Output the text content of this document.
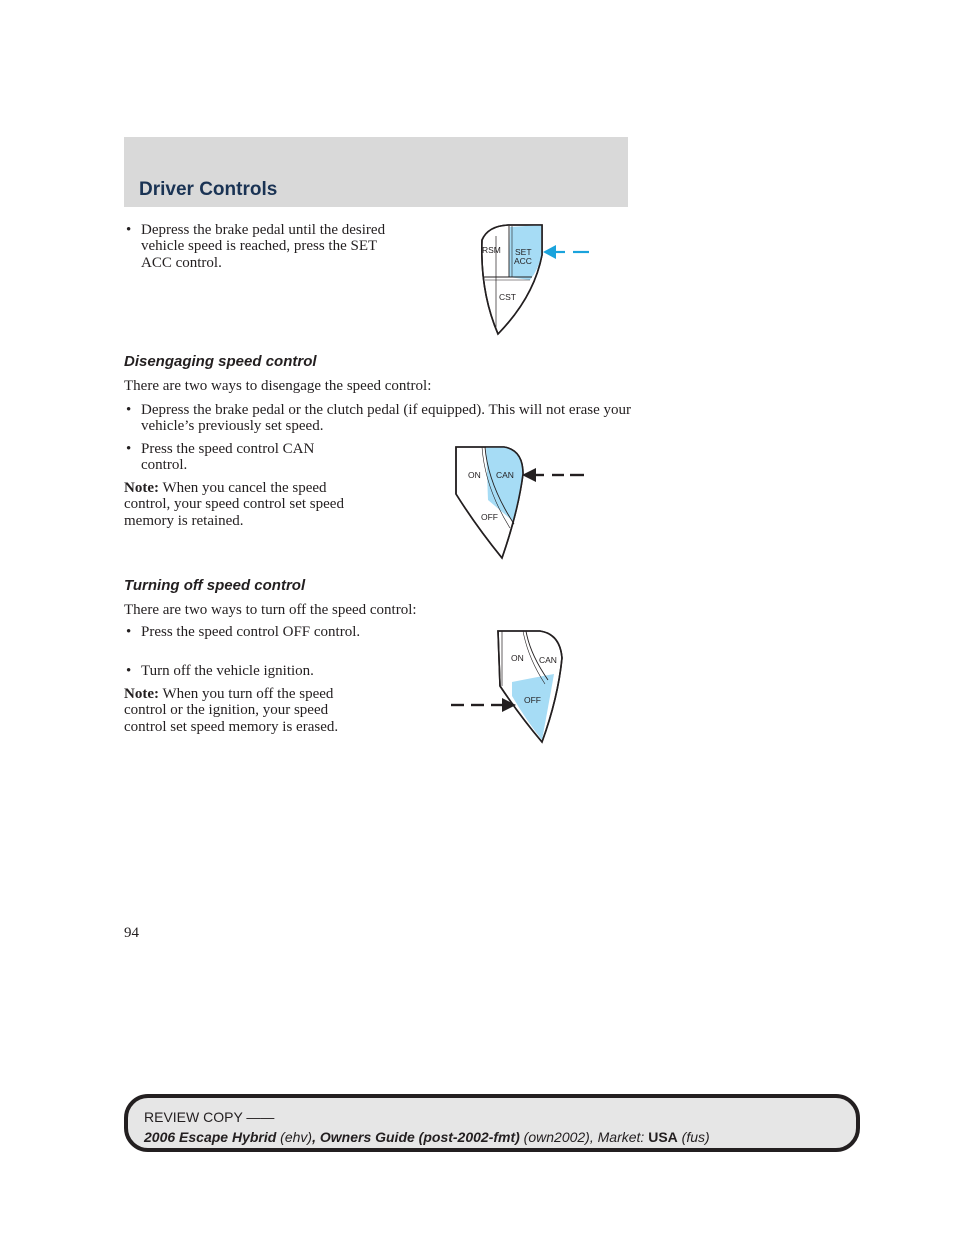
Driver Controls
• Depress the brake pedal until the desired vehicle speed is reached, press the SET ACC control.
RSM SET
ACC
CST
Disengaging speed control
There are two ways to disengage the speed control:
• Depress the brake pedal or the clutch pedal (if equipped). This will not erase your vehicle’s previously set speed.
• Press the speed control CAN control.
Note: When you cancel the speed control, your speed control set speed memory is retained.
ON CAN
OFF
Turning off speed control
There are two ways to turn off the speed control:
• Press the speed control OFF control.
• Turn off the vehicle ignition.
Note: When you turn off the speed control or the ignition, your speed control set speed memory is erased.
ON CAN
OFF
94
REVIEW COPY ——
2006 Escape Hybrid (ehv), Owners Guide (post-2002-fmt) (own2002), Market: USA (fus)
